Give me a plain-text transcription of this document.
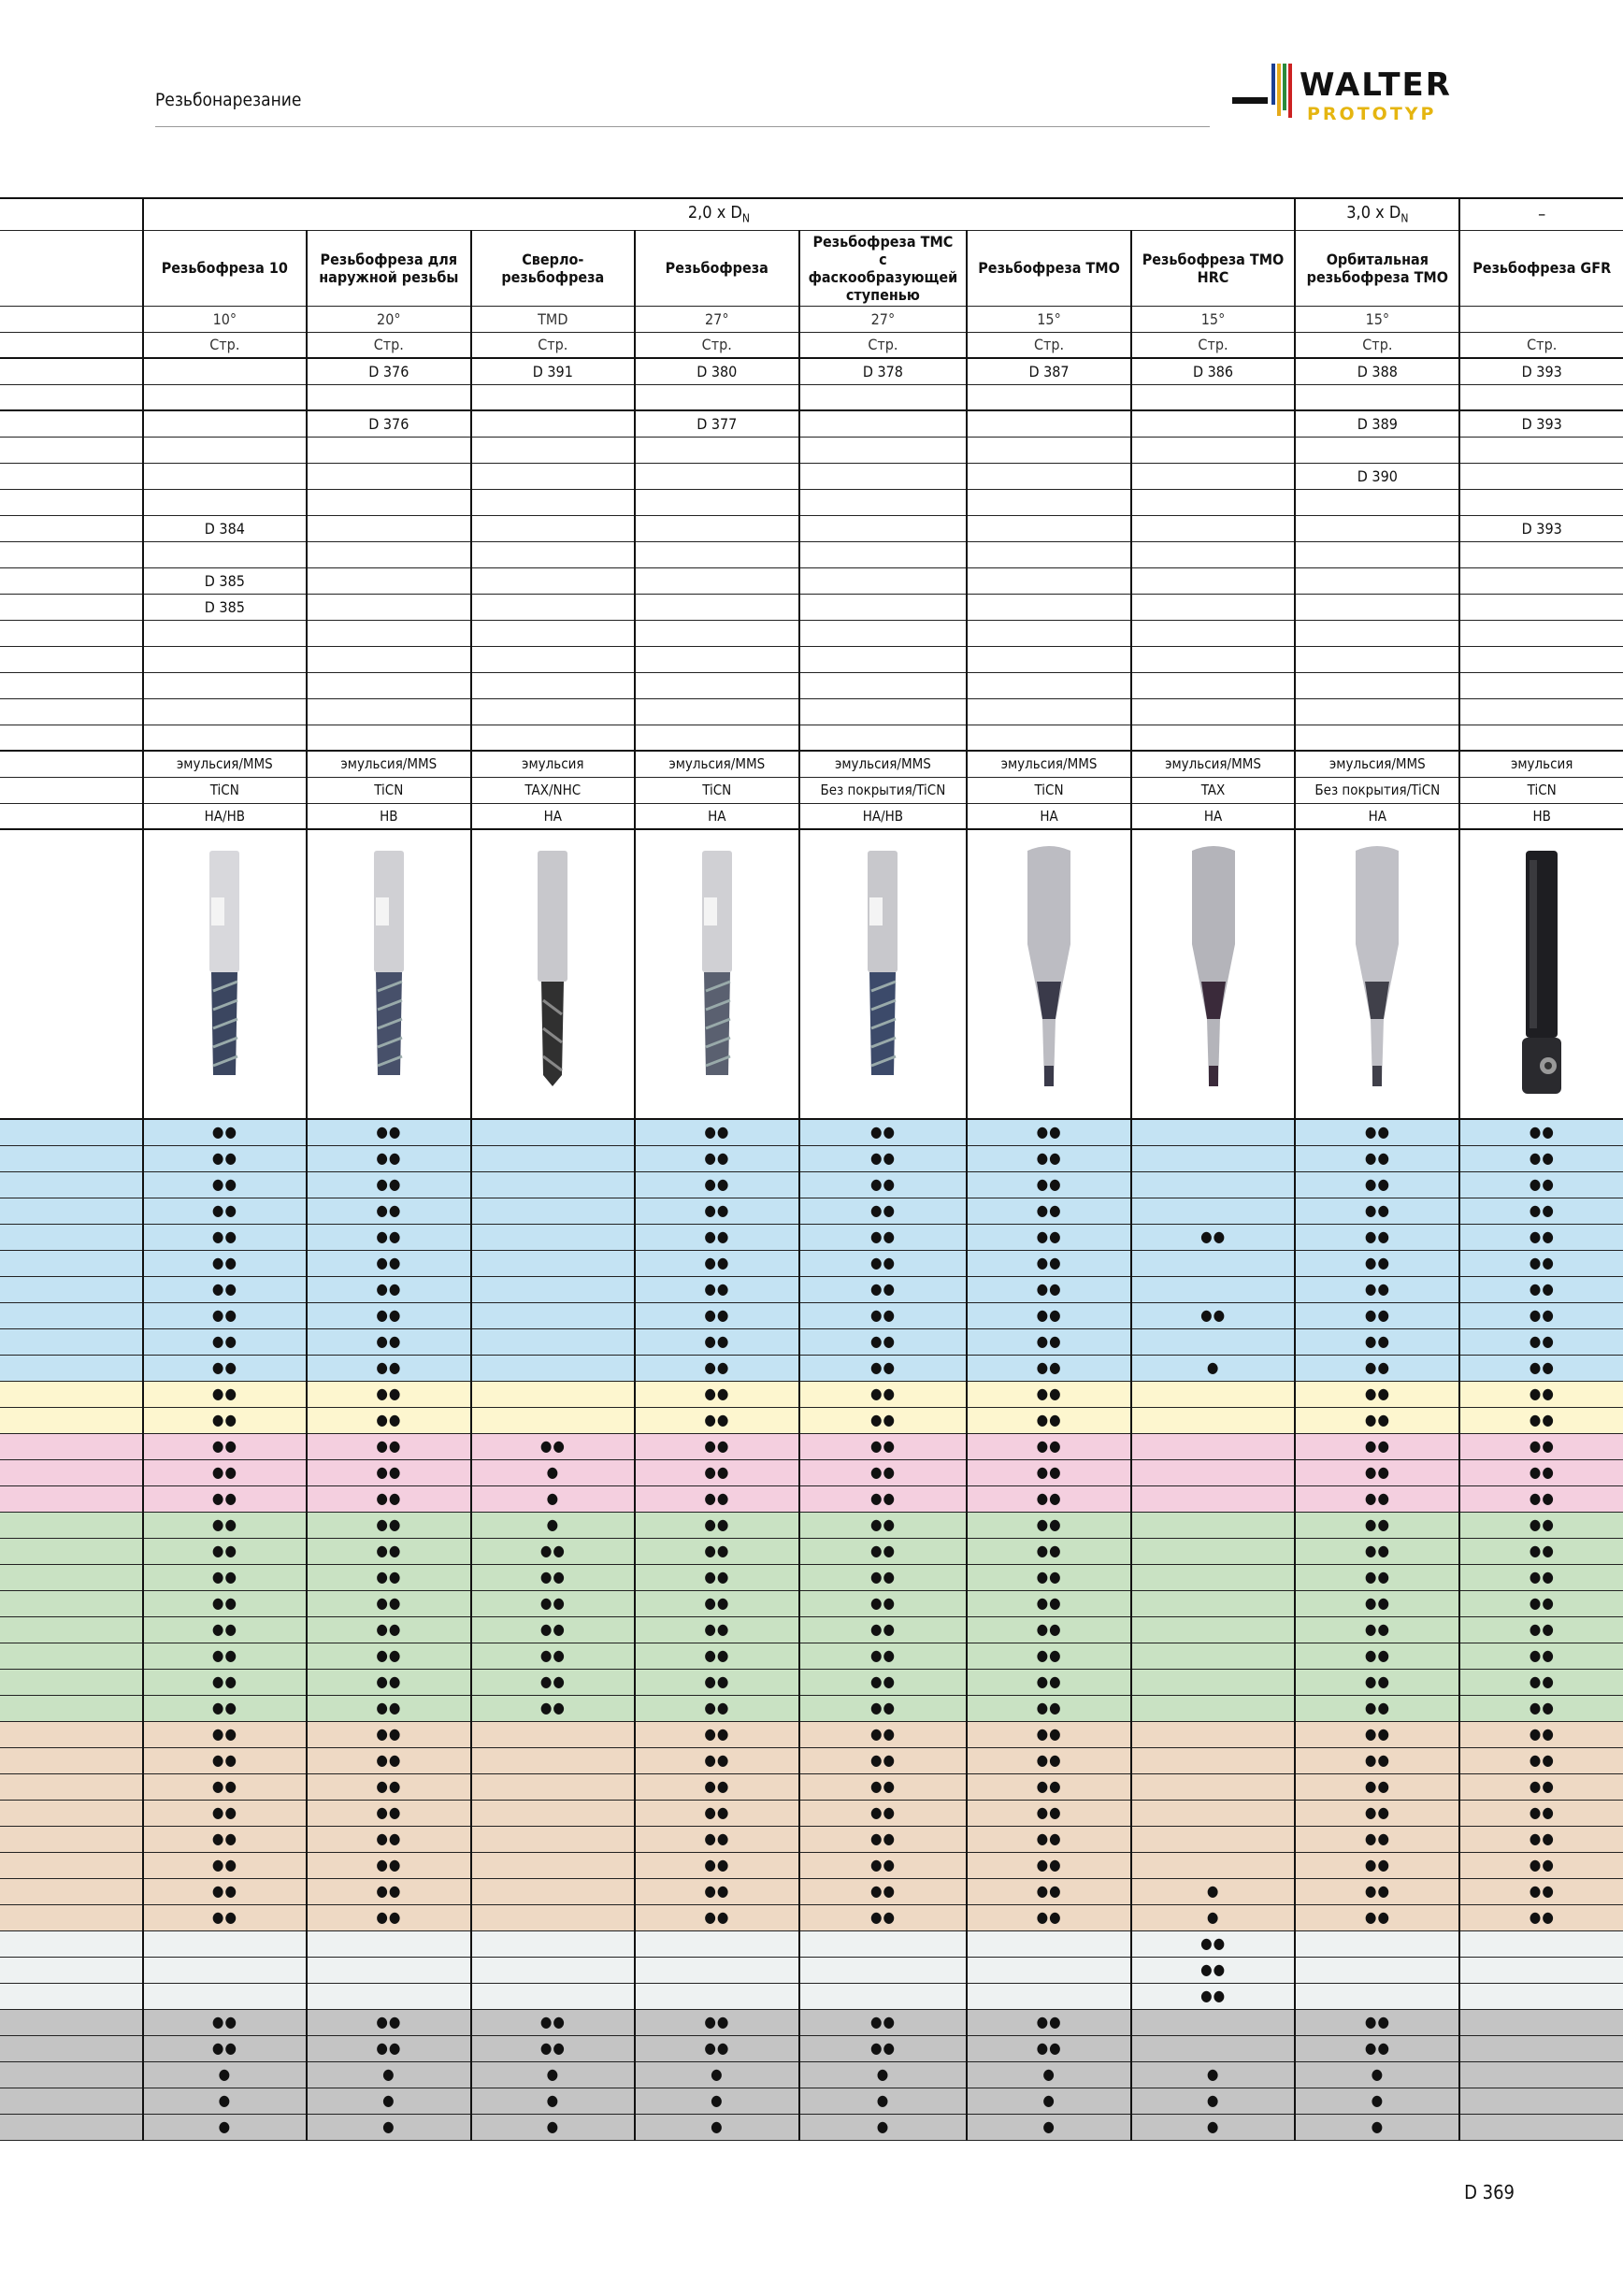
Резьбонарезание	WALTER
PROTOTYP
	2,0 x $D_N$							3,0 x $D_N$	–
	Резьбофреза 10	Резьбофреза для наружной резьбы	Сверло-резьбофреза	Резьбофреза	Резьбофреза TMC с фаскообразующей ступенью	Резьбофреза TMO	Резьбофреза TMO HRC	Орбитальная резьбофреза TMO	Резьбофреза GFR
	10°	20°	TMD	27°	27°	15°	15°	15°	
	Стр.	Стр.	Стр.	Стр.	Стр.	Стр.	Стр.	Стр.	Стр.
		D 376	D 391	D 380	D 378	D 387	D 386	D 388	D 393

		D 376		D 377				D 389	D 393

								D 390	

	D 384								D 393

	D 385								
	D 385								

	эмульсия/MMS	эмульсия/MMS	эмульсия	эмульсия/MMS	эмульсия/MMS	эмульсия/MMS	эмульсия/MMS	эмульсия/MMS	эмульсия
	TiCN	TiCN	TAX/NHC	TiCN	Без покрытия/TiCN	TiCN	TAX	Без покрытия/TiCN	TiCN
	HA/HB	HB	HA	HA	HA/HB	HA	HA	HA	HB

	●●	●●		●●	●●	●●		●●	●●
	●●	●●		●●	●●	●●		●●	●●
	●●	●●		●●	●●	●●		●●	●●
	●●	●●		●●	●●	●●		●●	●●
	●●	●●		●●	●●	●●	●●	●●	●●
	●●	●●		●●	●●	●●		●●	●●
	●●	●●		●●	●●	●●		●●	●●
	●●	●●		●●	●●	●●	●●	●●	●●
	●●	●●		●●	●●	●●		●●	●●
	●●	●●		●●	●●	●●	●	●●	●●
	●●	●●		●●	●●	●●		●●	●●
	●●	●●		●●	●●	●●		●●	●●
	●●	●●	●●	●●	●●	●●		●●	●●
	●●	●●	●	●●	●●	●●		●●	●●
	●●	●●	●	●●	●●	●●		●●	●●
	●●	●●	●	●●	●●	●●		●●	●●
	●●	●●	●●	●●	●●	●●		●●	●●
	●●	●●	●●	●●	●●	●●		●●	●●
	●●	●●	●●	●●	●●	●●		●●	●●
	●●	●●	●●	●●	●●	●●		●●	●●
	●●	●●	●●	●●	●●	●●		●●	●●
	●●	●●	●●	●●	●●	●●		●●	●●
	●●	●●	●●	●●	●●	●●		●●	●●
	●●	●●		●●	●●	●●		●●	●●
	●●	●●		●●	●●	●●		●●	●●
	●●	●●		●●	●●	●●		●●	●●
	●●	●●		●●	●●	●●		●●	●●
	●●	●●		●●	●●	●●		●●	●●
	●●	●●		●●	●●	●●		●●	●●
	●●	●●		●●	●●	●●	●	●●	●●
	●●	●●		●●	●●	●●	●	●●	●●
							●●		
							●●		
							●●		
	●●	●●	●●	●●	●●	●●		●●	
	●●	●●	●●	●●	●●	●●		●●	
	●	●	●	●	●	●	●	●	
	●	●	●	●	●	●	●	●	
	●	●	●	●	●	●	●	●	
D 369
